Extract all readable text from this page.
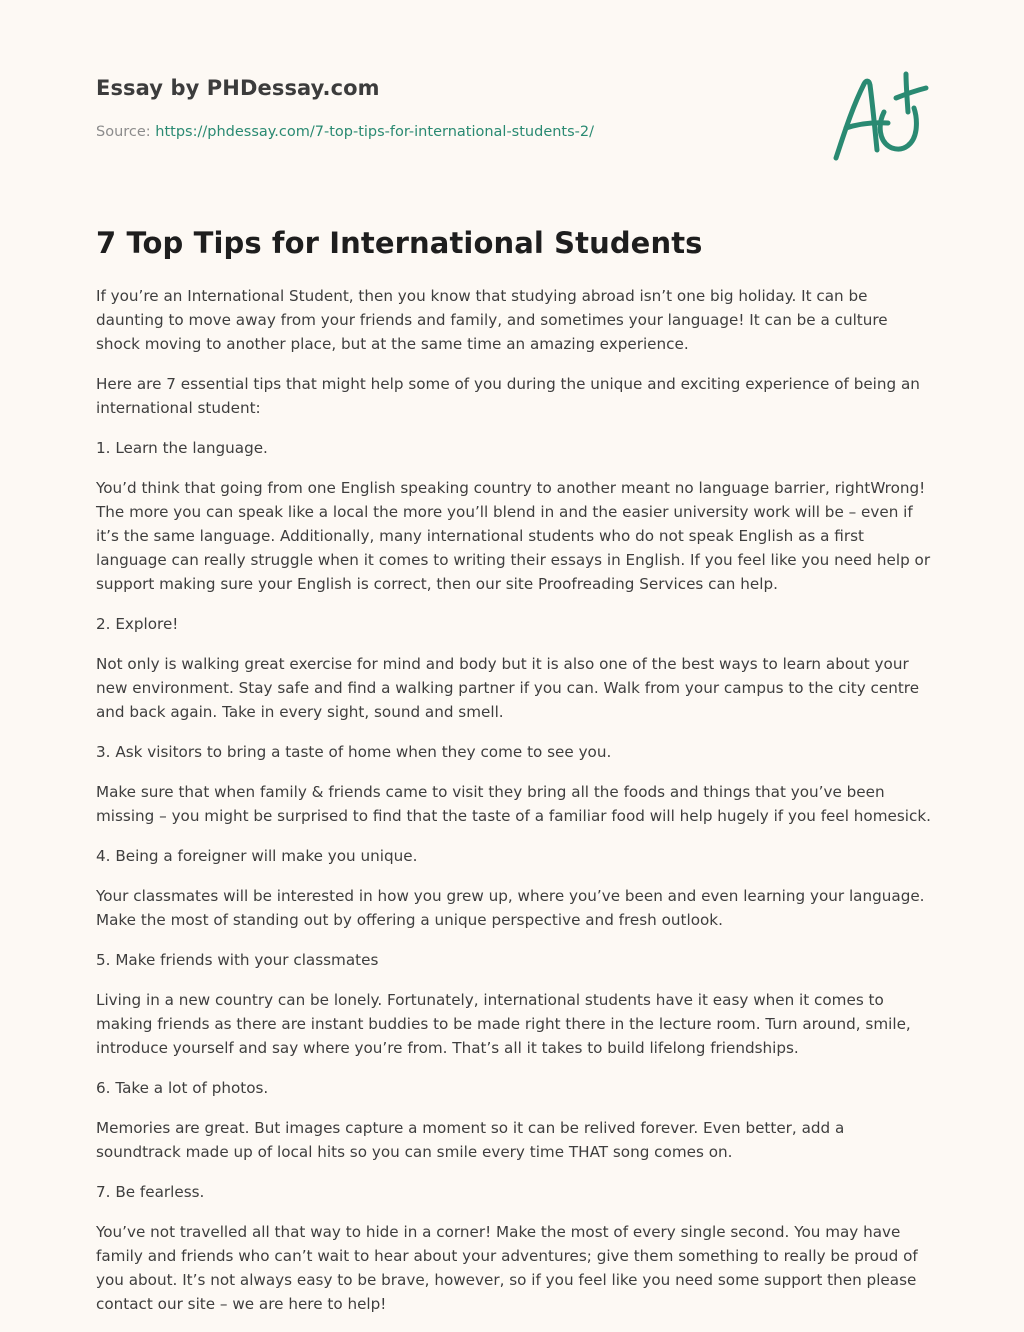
Essay by PHDessay.com
Source: https://phdessay.com/7-top-tips-for-international-students-2/
7 Top Tips for International Students

If you’re an International Student, then you know that studying abroad isn’t one big holiday. It can be daunting to move away from your friends and family, and sometimes your language! It can be a culture shock moving to another place, but at the same time an amazing experience.

Here are 7 essential tips that might help some of you during the unique and exciting experience of being an international student:

1. Learn the language.

You’d think that going from one English speaking country to another meant no language barrier, rightWrong! The more you can speak like a local the more you’ll blend in and the easier university work will be – even if it’s the same language. Additionally, many international students who do not speak English as a first language can really struggle when it comes to writing their essays in English. If you feel like you need help or support making sure your English is correct, then our site Proofreading Services can help.

2. Explore!

Not only is walking great exercise for mind and body but it is also one of the best ways to learn about your new environment. Stay safe and find a walking partner if you can. Walk from your campus to the city centre and back again. Take in every sight, sound and smell.

3. Ask visitors to bring a taste of home when they come to see you.

Make sure that when family & friends came to visit they bring all the foods and things that you’ve been missing – you might be surprised to find that the taste of a familiar food will help hugely if you feel homesick.

4. Being a foreigner will make you unique.

Your classmates will be interested in how you grew up, where you’ve been and even learning your language. Make the most of standing out by offering a unique perspective and fresh outlook.

5. Make friends with your classmates

Living in a new country can be lonely. Fortunately, international students have it easy when it comes to making friends as there are instant buddies to be made right there in the lecture room. Turn around, smile, introduce yourself and say where you’re from. That’s all it takes to build lifelong friendships.

6. Take a lot of photos.

Memories are great. But images capture a moment so it can be relived forever. Even better, add a soundtrack made up of local hits so you can smile every time THAT song comes on.

7. Be fearless.

You’ve not travelled all that way to hide in a corner! Make the most of every single second. You may have family and friends who can’t wait to hear about your adventures; give them something to really be proud of you about. It’s not always easy to be brave, however, so if you feel like you need some support then please contact our site – we are here to help!
